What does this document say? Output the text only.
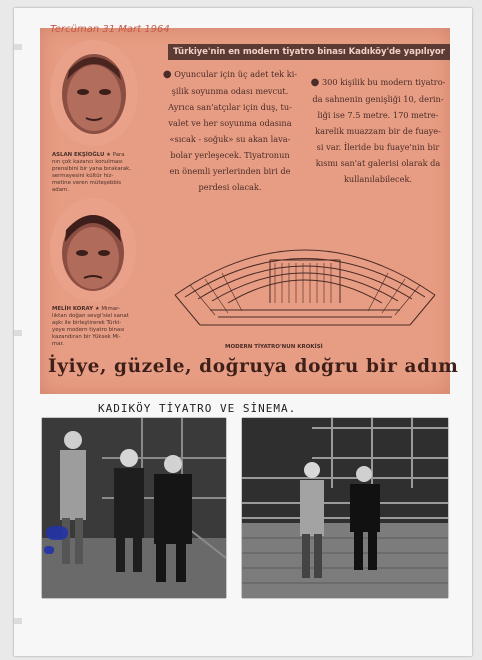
Tercüman 31 Mart 1964
Türkiye'nin en modern tiyatro binası Kadıköy'de yapılıyor
ASLAN EKŞİOĞLU ★ Para
nın çok kazancı konulması
prensibini bir yana bırakarak,
sermayesini kültür hiz-
metine veren müteşebbis
adam.
MELİH KORAY ★ Mimar-
lıktan doğan sevgi'siel sanat
aşkı ile birleştirerek Türki-
yeye modern tiyatro binası
kazandıran bir Yüksek Mi-
mar.
● Oyuncular için üç adet tek ki-
şilik soyunma odası mevcut.
Ayrıca san'atçılar için duş, tu-
valet ve her soyunma odasına
«sıcak - soğuk» su akan lava-
bolar yerleşecek. Tiyatronun
en önemli yerlerinden biri de
perdesi olacak.
● 300 kişilik bu modern tiyatro-
da sahnenin genişliği 10, derin-
liği ise 7.5 metre. 170 metre-
karelik muazzam bir de fuaye-
si var. İleride bu fuaye'nin bir
kısmı san'at galerisi olarak da
kullanılabilecek.
MODERN TİYATRO'NUN KROKİSİ
İyiye, güzele, doğruya doğru bir adım
KADIKÖY TİYATRO VE SİNEMA.
